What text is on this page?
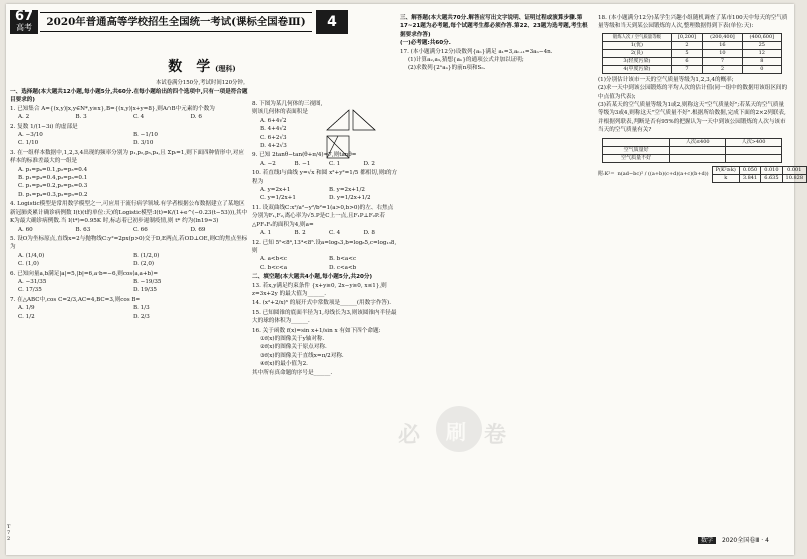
67
高考	2020年普通高等学校招生全国统一考试(课标全国卷Ⅲ)	4
数　学 (理科)
本试卷满分150分,考试时间120分钟。
一、选择题(本大题共12小题,每小题5分,共60分.在每小题给出的四个选项中,只有一项是符合题目要求的)
1. 已知集合 A={(x,y)|x,y∈N*,y≥x},B={(x,y)|x+y=8},则A∩B中元素的个数为
A. 2	B. 3	C. 4	D. 6
2. 复数 1/(1−3i) 的虚部是
A. −3/10	B. −1/10
C. 1/10	D. 3/10
3. 在一组样本数据中,1,2,3,4出现的频率分别为 p₁,p₂,p₃,p₄,且 Σpᵢ=1,则下面四种情形中,对应样本的标准差最大的一组是
A. p₁=p₄=0.1,p₂=p₃=0.4
B. p₁=p₄=0.4,p₂=p₃=0.1
C. p₁=p₄=0.2,p₂=p₃=0.3
D. p₁=p₄=0.3,p₂=p₃=0.2
4. Logistic模型是常用数学模型之一,可应用于流行病学领域.有学者根据公布数据建立了某地区新冠肺炎累计确诊病例数 I(t)(t的单位:天)的Logistic模型:I(t)=K/(1+e^(−0.23(t−53))),其中K为最大确诊病例数.当 I(t*)=0.95K 时,标志着已初步遏制疫情,则 t* 约为(ln19≈3)
A. 60	B. 63	C. 66	D. 69
5. 设O为坐标原点,直线x=2与抛物线C:y²=2px(p>0)交于D,E两点,若OD⊥OE,则C的焦点坐标为
A. (1/4,0)	B. (1/2,0)
C. (1,0)	D. (2,0)
6. 已知向量a,b满足|a|=5,|b|=6,a·b=−6,则cos⟨a,a+b⟩=
A. −31/35	B. −19/35
C. 17/35	D. 19/35
7. 在△ABC中,cos C=2/3,AC=4,BC=3,则cos B=
A. 1/9	B. 1/3
C. 1/2	D. 2/3
8. 下图为某几何体的三视图,则该几何体的表面积是
A. 6+4√2
B. 4+4√2
C. 6+2√3
D. 4+2√3
9. 已知 2tanθ−tan(θ+π/4)=7,则tanθ=
A. −2	B. −1	C. 1	D. 2
10. 若直线l与曲线 y=√x 和圆 x²+y²=1/5 都相切,则l的方程为
A. y=2x+1	B. y=2x+1/2
C. y=1/2x+1	D. y=1/2x+1/2
11. 设双曲线C:x²/a²−y²/b²=1(a>0,b>0)的左、右焦点分别为F₁,F₂,离心率为√5.P是C上一点,且F₁P⊥F₂P.若△PF₁F₂的面积为4,则a=
A. 1	B. 2	C. 4	D. 8
12. 已知 5⁵<8⁴,13⁴<8⁵.设a=log₅3,b=log₈5,c=log₁₃8,则
A. a<b<c	B. b<a<c
C. b<c<a	D. c<a<b
二、填空题(本大题共4小题,每小题5分,共20分)
13. 若x,y满足约束条件 {x+y≥0, 2x−y≥0, x≤1},则 z=3x+2y 的最大值为______.
14. (x²+2/x)⁶ 的展开式中常数项是______(用数字作答).
15. 已知圆锥的底面半径为1,母线长为3,则该圆锥内半径最大的球的体积为______.
16. 关于函数 f(x)=sin x+1/sin x 有如下四个命题:
①f(x)的图像关于y轴对称.
②f(x)的图像关于原点对称.
③f(x)的图像关于直线x=π/2对称.
④f(x)的最小值为2.
其中所有真命题的序号是______.
三、解答题(本大题共70分.解答应写出文字说明、证明过程或演算步骤.第17~21题为必考题,每个试题考生都必须作答.第22、23题为选考题,考生根据要求作答)
(一)必考题:共60分.
17. (本小题满分12分)设数列{aₙ}满足 a₁=3,aₙ₊₁=3aₙ−4n.
(1)计算a₂,a₃,猜想{aₙ}的通项公式并加以证明;
(2)求数列{2ⁿaₙ}的前n项和Sₙ.
18. (本小题满分12分)某学生兴趣小组随机调查了某市100天中每天的空气质量等级和当天到某公园锻炼的人次,整理数据得到下表(单位:天):
锻炼人次 / 空气质量等级	[0,200]	(200,400]	(400,600]
1(优)	2	16	25
2(良)	5	10	12
3(轻度污染)	6	7	8
4(中度污染)	7	2	0
(1)分别估计该市一天的空气质量等级为1,2,3,4的概率;
(2)求一天中到该公园锻炼的平均人次的估计值(同一组中的数据用该组区间的中点值为代表);
(3)若某天的空气质量等级为1或2,则称这天"空气质量好";若某天的空气质量等级为3或4,则称这天"空气质量不好".根据所给数据,完成下面的2×2列联表,并根据列联表,判断是否有95%的把握认为一天中到该公园锻炼的人次与该市当天的空气质量有关?
	人次≤400	人次>400
空气质量好		
空气质量不好		
附:K²= n(ad−bc)² / ((a+b)(c+d)(a+c)(b+d))
P(K²≥k)	0.050	0.010	0.001
k	3.841	6.635	10.828
必 刷 卷
T 7 2	数学 2020全国卷Ⅲ · 4
